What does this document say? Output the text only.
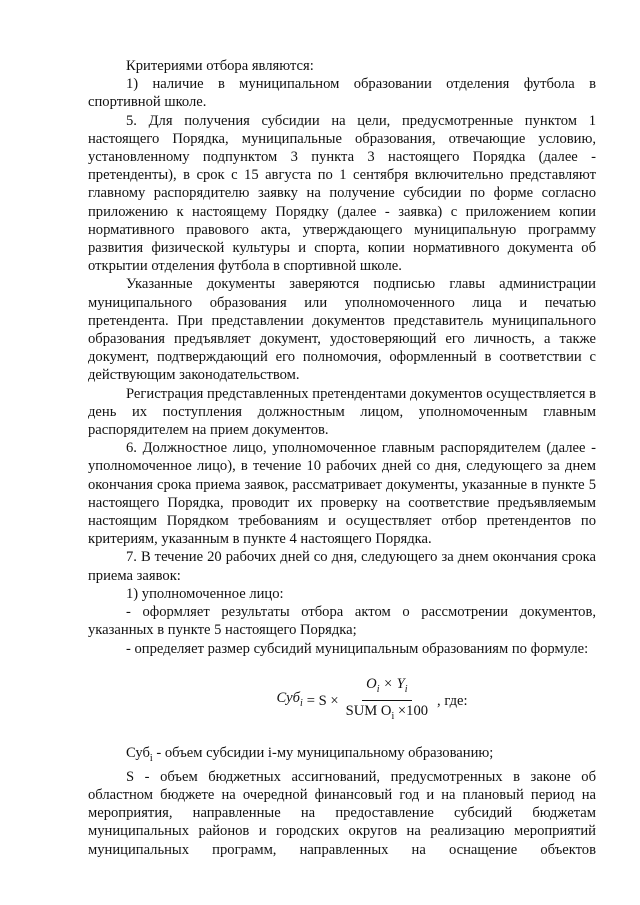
Критериями отбора являются:

1) наличие в муниципальном образовании отделения футбола в спортивной школе.

5. Для получения субсидии на цели, предусмотренные пунктом 1 настоящего Порядка, муниципальные образования, отвечающие условию, установленному подпунктом 3 пункта 3 настоящего Порядка (далее - претенденты), в срок с 15 августа по 1 сентября включительно представляют главному распорядителю заявку на получение субсидии по форме согласно приложению к настоящему Порядку (далее - заявка) с приложением копии нормативного правового акта, утверждающего муниципальную программу развития физической культуры и спорта, копии нормативного документа об открытии отделения футбола в спортивной школе.

Указанные документы заверяются подписью главы администрации муниципального образования или уполномоченного лица и печатью претендента. При представлении документов представитель муниципального образования предъявляет документ, удостоверяющий его личность, а также документ, подтверждающий его полномочия, оформленный в соответствии с действующим законодательством.

Регистрация представленных претендентами документов осуществляется в день их поступления должностным лицом, уполномоченным главным распорядителем на прием документов.

6. Должностное лицо, уполномоченное главным распорядителем (далее - уполномоченное лицо), в течение 10 рабочих дней со дня, следующего за днем окончания срока приема заявок, рассматривает документы, указанные в пункте 5 настоящего Порядка, проводит их проверку на соответствие предъявляемым настоящим Порядком требованиям и осуществляет отбор претендентов по критериям, указанным в пункте 4 настоящего Порядка.

7. В течение 20 рабочих дней со дня, следующего за днем окончания срока приема заявок:

1) уполномоченное лицо:

- оформляет результаты отбора актом о рассмотрении документов, указанных в пункте 5 настоящего Порядка;

- определяет размер субсидий муниципальным образованиям по формуле:

$Суб_i = S \times \frac{O_i \times Y_i}{SUM O_i \times 100}$ , где:

Суб$_i$ - объем субсидии i-му муниципальному образованию;

S - объем бюджетных ассигнований, предусмотренных в законе об областном бюджете на очередной финансовый год и на плановый период на мероприятия, направленные на предоставление субсидий бюджетам муниципальных районов и городских округов на реализацию мероприятий муниципальных программ, направленных на оснащение объектов
